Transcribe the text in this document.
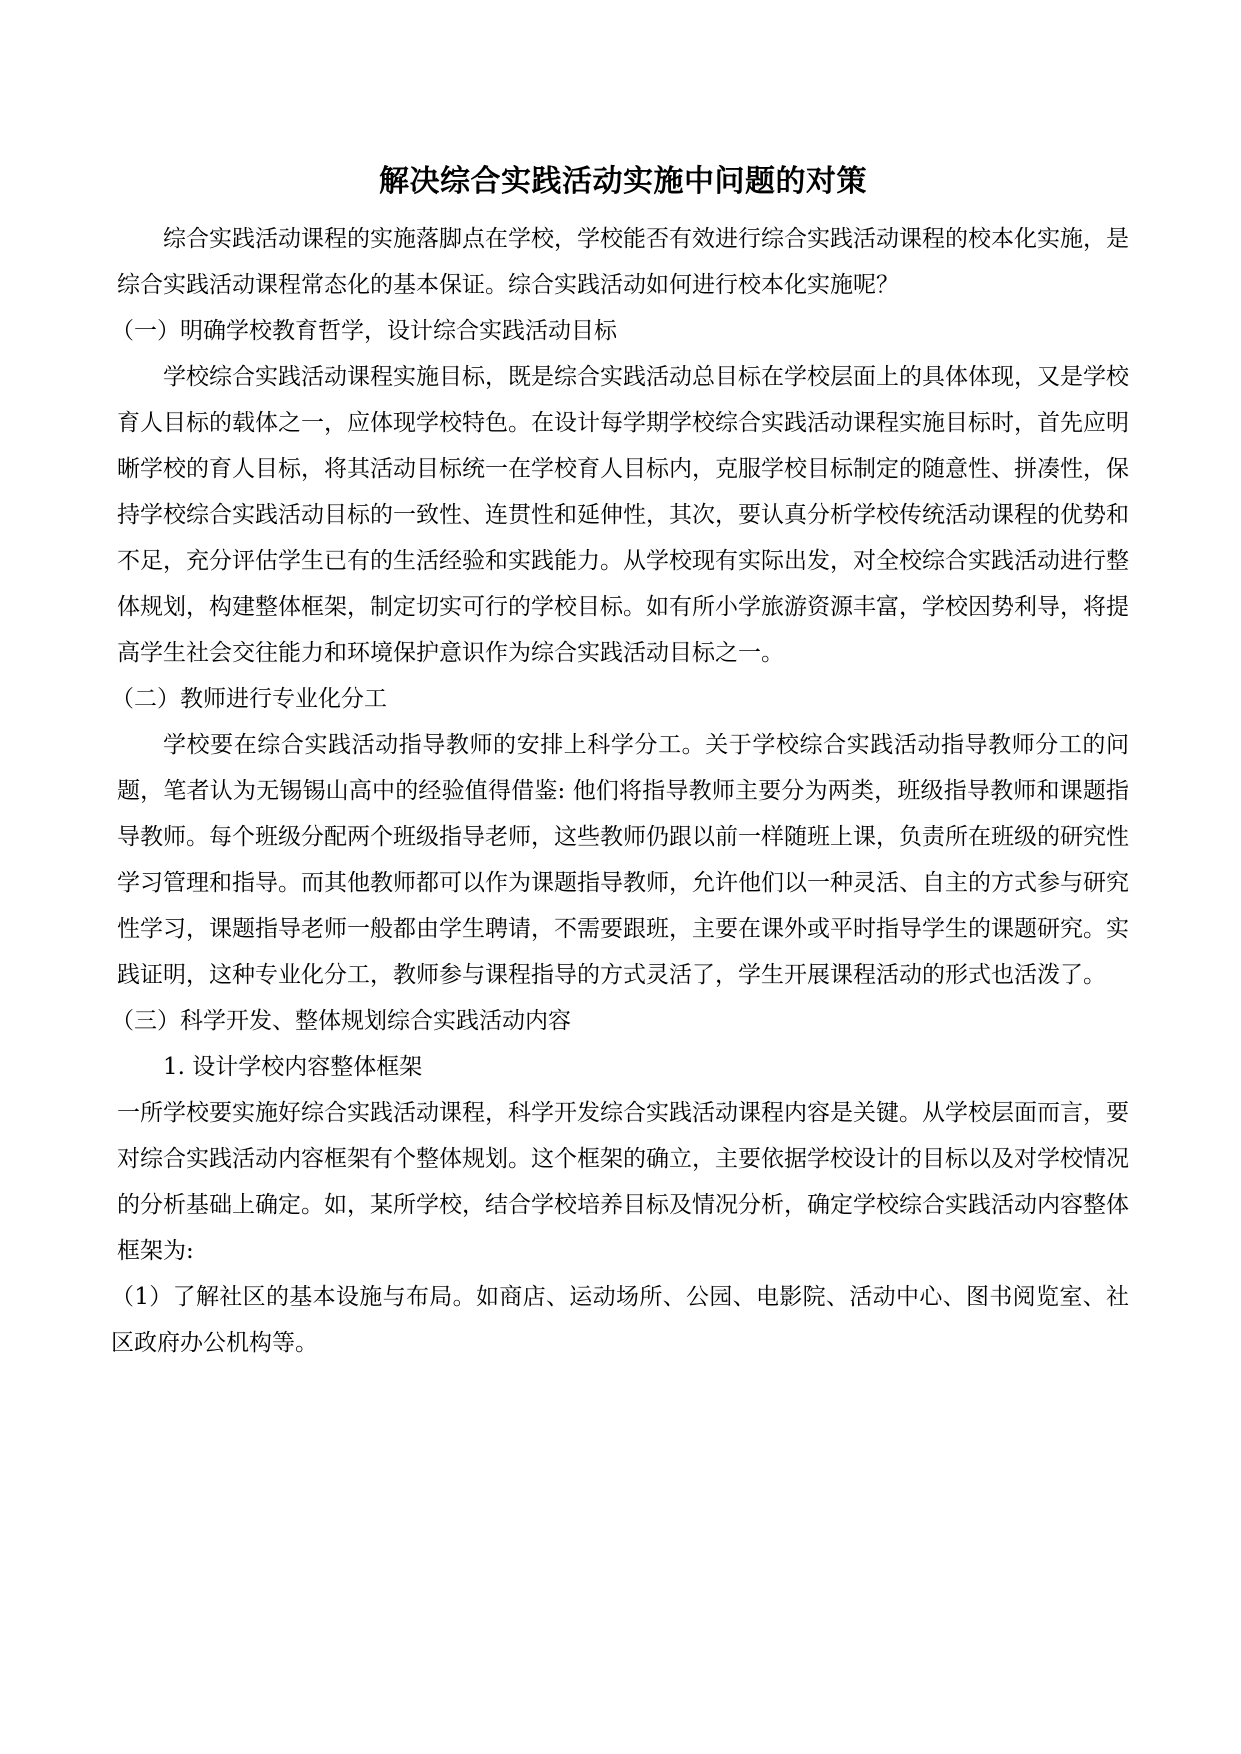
解决综合实践活动实施中问题的对策

综合实践活动课程的实施落脚点在学校，学校能否有效进行综合实践活动课程的校本化实施，是综合实践活动课程常态化的基本保证。综合实践活动如何进行校本化实施呢？

（一）明确学校教育哲学，设计综合实践活动目标

学校综合实践活动课程实施目标，既是综合实践活动总目标在学校层面上的具体体现，又是学校育人目标的载体之一，应体现学校特色。在设计每学期学校综合实践活动课程实施目标时，首先应明晰学校的育人目标，将其活动目标统一在学校育人目标内，克服学校目标制定的随意性、拼凑性，保持学校综合实践活动目标的一致性、连贯性和延伸性，其次，要认真分析学校传统活动课程的优势和不足，充分评估学生已有的生活经验和实践能力。从学校现有实际出发，对全校综合实践活动进行整体规划，构建整体框架，制定切实可行的学校目标。如有所小学旅游资源丰富，学校因势利导，将提高学生社会交往能力和环境保护意识作为综合实践活动目标之一。

（二）教师进行专业化分工

学校要在综合实践活动指导教师的安排上科学分工。关于学校综合实践活动指导教师分工的问题，笔者认为无锡锡山高中的经验值得借鉴: 他们将指导教师主要分为两类，班级指导教师和课题指导教师。每个班级分配两个班级指导老师，这些教师仍跟以前一样随班上课，负责所在班级的研究性学习管理和指导。而其他教师都可以作为课题指导教师，允许他们以一种灵活、自主的方式参与研究性学习，课题指导老师一般都由学生聘请，不需要跟班，主要在课外或平时指导学生的课题研究。实践证明，这种专业化分工，教师参与课程指导的方式灵活了，学生开展课程活动的形式也活泼了。

（三）科学开发、整体规划综合实践活动内容

1. 设计学校内容整体框架

一所学校要实施好综合实践活动课程，科学开发综合实践活动课程内容是关键。从学校层面而言，要对综合实践活动内容框架有个整体规划。这个框架的确立，主要依据学校设计的目标以及对学校情况的分析基础上确定。如，某所学校，结合学校培养目标及情况分析，确定学校综合实践活动内容整体框架为:

（1）了解社区的基本设施与布局。如商店、运动场所、公园、电影院、活动中心、图书阅览室、社区政府办公机构等。
